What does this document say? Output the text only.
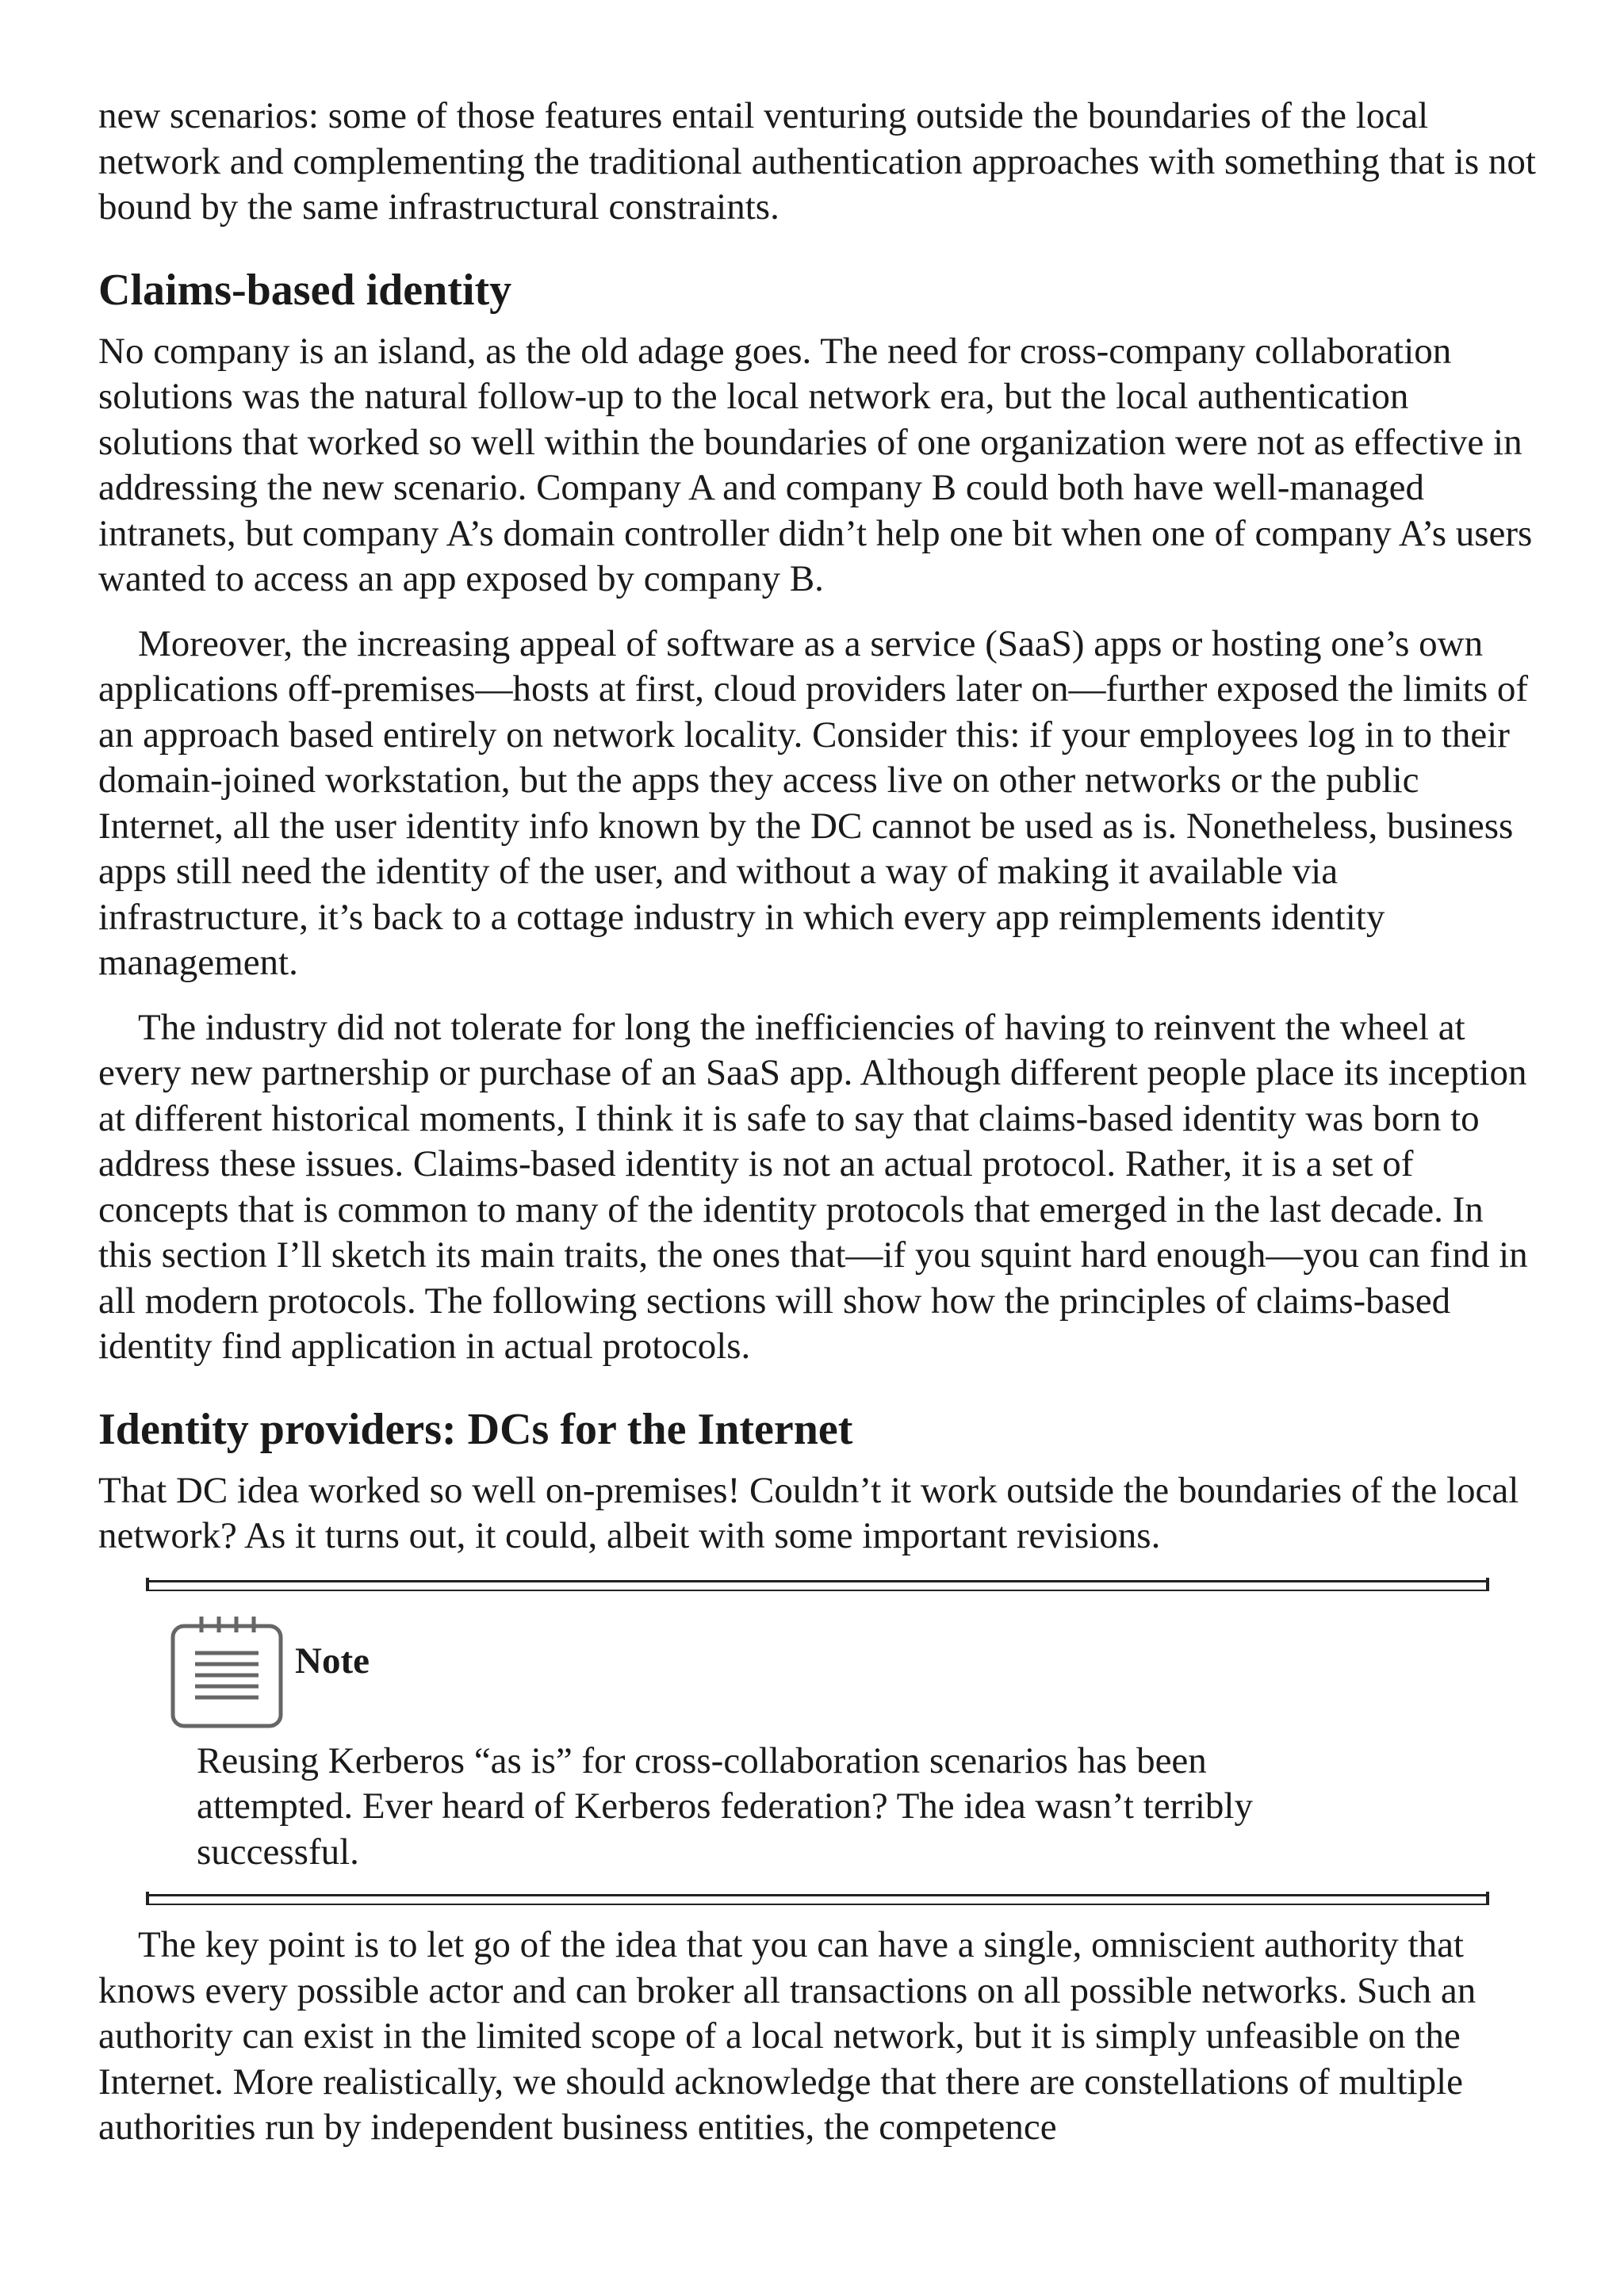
new scenarios: some of those features entail venturing outside the boundaries of the local network and complementing the traditional authentication approaches with something that is not bound by the same infrastructural constraints.

Claims-based identity

No company is an island, as the old adage goes. The need for cross-company collaboration solutions was the natural follow-up to the local network era, but the local authentication solutions that worked so well within the boundaries of one organization were not as effective in addressing the new scenario. Company A and company B could both have well-managed intranets, but company A’s domain controller didn’t help one bit when one of company A’s users wanted to access an app exposed by company B.

Moreover, the increasing appeal of software as a service (SaaS) apps or hosting one’s own applications off-premises—hosts at first, cloud providers later on—further exposed the limits of an approach based entirely on network locality. Consider this: if your employees log in to their domain-joined workstation, but the apps they access live on other networks or the public Internet, all the user identity info known by the DC cannot be used as is. Nonetheless, business apps still need the identity of the user, and without a way of making it available via infrastructure, it’s back to a cottage industry in which every app reimplements identity management.

The industry did not tolerate for long the inefficiencies of having to reinvent the wheel at every new partnership or purchase of an SaaS app. Although different people place its inception at different historical moments, I think it is safe to say that claims-based identity was born to address these issues. Claims-based identity is not an actual protocol. Rather, it is a set of concepts that is common to many of the identity protocols that emerged in the last decade. In this section I’ll sketch its main traits, the ones that—if you squint hard enough—you can find in all modern protocols. The following sections will show how the principles of claims-based identity find application in actual protocols.

Identity providers: DCs for the Internet

That DC idea worked so well on-premises! Couldn’t it work outside the boundaries of the local network? As it turns out, it could, albeit with some important revisions.

Note

Reusing Kerberos “as is” for cross-collaboration scenarios has been attempted. Ever heard of Kerberos federation? The idea wasn’t terribly successful.

The key point is to let go of the idea that you can have a single, omniscient authority that knows every possible actor and can broker all transactions on all possible networks. Such an authority can exist in the limited scope of a local network, but it is simply unfeasible on the Internet. More realistically, we should acknowledge that there are constellations of multiple authorities run by independent business entities, the competence
